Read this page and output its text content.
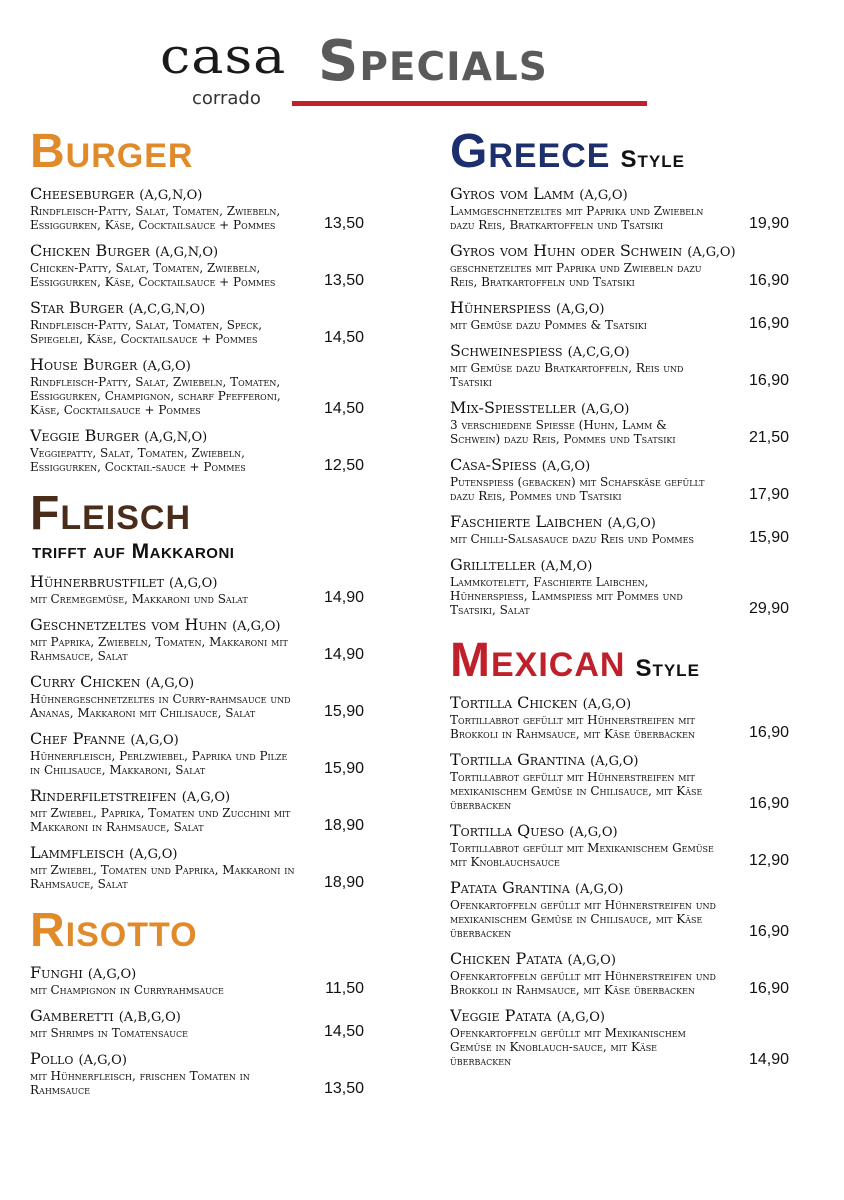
casa
corrado
Specials
Burger
Cheeseburger (A,G,N,O)
Rindfleisch-Patty, Salat, Tomaten, Zwiebeln, Essiggurken, Käse, Cocktailsauce + Pommes	13,50
Chicken Burger (A,G,N,O)
Chicken-Patty, Salat, Tomaten, Zwiebeln, Essiggurken, Käse, Cocktailsauce + Pommes	13,50
Star Burger (A,C,G,N,O)
Rindfleisch-Patty, Salat, Tomaten, Speck, Spiegelei, Käse, Cocktailsauce + Pommes	14,50
House Burger (A,G,O)
Rindfleisch-Patty, Salat, Zwiebeln, Tomaten, Essiggurken, Champignon, scharf Pfefferoni, Käse, Cocktailsauce + Pommes	14,50
Veggie Burger (A,G,N,O)
Veggiepatty, Salat, Tomaten, Zwiebeln, Essiggurken, Cocktail-sauce + Pommes	12,50
Fleisch
trifft auf Makkaroni
Hühnerbrustfilet (A,G,O)
mit Cremegemüse, Makkaroni und Salat	14,90
Geschnetzeltes vom Huhn (A,G,O)
mit Paprika, Zwiebeln, Tomaten, Makkaroni mit Rahmsauce, Salat	14,90
Curry Chicken (A,G,O)
Hühnergeschnetzeltes in Curry-rahmsauce und Ananas, Makkaroni mit Chilisauce, Salat	15,90
Chef Pfanne (A,G,O)
Hühnerfleisch, Perlzwiebel, Paprika und Pilze in Chilisauce, Makkaroni, Salat	15,90
Rinderfiletstreifen (A,G,O)
mit Zwiebel, Paprika, Tomaten und Zucchini mit Makkaroni in Rahmsauce, Salat	18,90
Lammfleisch (A,G,O)
mit Zwiebel, Tomaten und Paprika, Makkaroni in Rahmsauce, Salat	18,90
Risotto
Funghi (A,G,O)
mit Champignon in Curryrahmsauce	11,50
Gamberetti (A,B,G,O)
mit Shrimps in Tomatensauce	14,50
Pollo (A,G,O)
mit Hühnerfleisch, frischen Tomaten in Rahmsauce	13,50
Greece Style
Gyros vom Lamm (A,G,O)
Lammgeschnetzeltes mit Paprika und Zwiebeln dazu Reis, Bratkartoffeln und Tsatsiki	19,90
Gyros vom Huhn oder Schwein (A,G,O)
geschnetzeltes mit Paprika und Zwiebeln dazu Reis, Bratkartoffeln und Tsatsiki	16,90
Hühnerspiess (A,G,O)
mit Gemüse dazu Pommes & Tsatsiki	16,90
Schweinespiess (A,C,G,O)
mit Gemüse dazu Bratkartoffeln, Reis und Tsatsiki	16,90
Mix-Spiessteller (A,G,O)
3 verschiedene Spiesse (Huhn, Lamm & Schwein) dazu Reis, Pommes und Tsatsiki	21,50
Casa-Spiess (A,G,O)
Putenspiess (gebacken) mit Schafskäse gefüllt dazu Reis, Pommes und Tsatsiki	17,90
Faschierte Laibchen (A,G,O)
mit Chilli-Salsasauce dazu Reis und Pommes	15,90
Grillteller (A,M,O)
Lammkotelett, Faschierte Laibchen, Hühnerspiess, Lammspiess mit Pommes und Tsatsiki, Salat	29,90
Mexican Style
Tortilla Chicken (A,G,O)
Tortillabrot gefüllt mit Hühnerstreifen mit Brokkoli in Rahmsauce, mit Käse überbacken	16,90
Tortilla Grantina (A,G,O)
Tortillabrot gefüllt mit Hühnerstreifen mit mexikanischem Gemüse in Chilisauce, mit Käse überbacken	16,90
Tortilla Queso (A,G,O)
Tortillabrot gefüllt mit Mexikanischem Gemüse mit Knoblauchsauce	12,90
Patata Grantina (A,G,O)
Ofenkartoffeln gefüllt mit Hühnerstreifen und mexikanischem Gemüse in Chilisauce, mit Käse überbacken	16,90
Chicken Patata (A,G,O)
Ofenkartoffeln gefüllt mit Hühnerstreifen und Brokkoli in Rahmsauce, mit Käse überbacken	16,90
Veggie Patata (A,G,O)
Ofenkartoffeln gefüllt mit Mexikanischem Gemüse in Knoblauch-sauce, mit Käse überbacken	14,90
